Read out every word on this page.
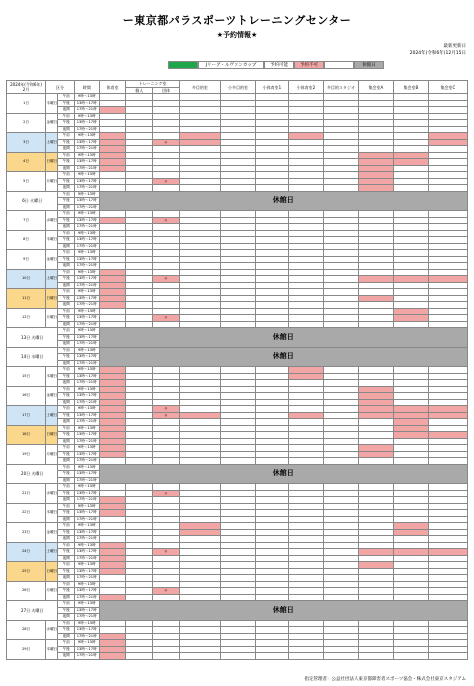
ー東京都パラスポーツトレーニングセンター
★予約情報★
最新更新日
2024年(令和6年)12月15日
Jリーグ・ルヴァンカップ	予約可能	予約不可	休館日
2024年(令和6年)
2月	区分		時間	体育室	トレーニング室		多目的室	小多目的室	小体育室1	小体育室2	多目的スタジオ	集会室A	集会室B	集会室C
					個人	団体								
1日	木曜日	午前	9時〜13時											
		午後	13時〜17時											
		夜間	17時〜21時											
2日	金曜日	午前	9時〜13時											
		午後	13時〜17時											
		夜間	17時〜21時											
3日	土曜日	午前	9時〜13時											
		午後	13時〜17時			◎								
		夜間	17時〜21時											
4日	日曜日	午前	9時〜13時											
		午後	13時〜17時											
		夜間	17時〜21時											
5日	月曜日	午前	9時〜13時											
		午後	13時〜17時			◎								
		夜間	17時〜21時											
6日 火曜日		午前	9時〜13時	休館日										
		午後	13時〜17時											
		夜間	17時〜21時											
7日	水曜日	午前	9時〜13時											
		午後	13時〜17時			◎								
		夜間	17時〜21時											
8日	木曜日	午前	9時〜13時											
		午後	13時〜17時											
		夜間	17時〜21時											
9日	金曜日	午前	9時〜13時											
		午後	13時〜17時											
		夜間	17時〜21時											
10日	土曜日	午前	9時〜13時											
		午後	13時〜17時			◎								
		夜間	17時〜21時											
11日	日曜日	午前	9時〜13時											
		午後	13時〜17時											
		夜間	17時〜21時											
12日	月曜日	午前	9時〜13時											
		午後	13時〜17時			◎								
		夜間	17時〜21時											
13日 火曜日		午前	9時〜13時	休館日										
		午後	13時〜17時											
		夜間	17時〜21時											
14日 水曜日		午前	9時〜13時	休館日										
		午後	13時〜17時											
		夜間	17時〜21時											
15日	木曜日	午前	9時〜13時											
		午後	13時〜17時											
		夜間	17時〜21時											
16日	金曜日	午前	9時〜13時											
		午後	13時〜17時											
		夜間	17時〜21時											
17日	土曜日	午前	9時〜13時			◎								
		午後	13時〜17時			◎								
		夜間	17時〜21時											
18日	日曜日	午前	9時〜13時											
		午後	13時〜17時											
		夜間	17時〜21時											
19日	月曜日	午前	9時〜13時											
		午後	13時〜17時											
		夜間	17時〜21時											
20日 火曜日		午前	9時〜13時	休館日										
		午後	13時〜17時											
		夜間	17時〜21時											
21日	水曜日	午前	9時〜13時											
		午後	13時〜17時			◎								
		夜間	17時〜21時											
22日	木曜日	午前	9時〜13時											
		午後	13時〜17時											
		夜間	17時〜21時											
23日	金曜日	午前	9時〜13時											
		午後	13時〜17時											
		夜間	17時〜21時											
24日	土曜日	午前	9時〜13時											
		午後	13時〜17時			◎								
		夜間	17時〜21時											
25日	日曜日	午前	9時〜13時											
		午後	13時〜17時											
		夜間	17時〜21時											
26日	月曜日	午前	9時〜13時											
		午後	13時〜17時			◎								
		夜間	17時〜21時											
27日 火曜日		午前	9時〜13時	休館日										
		午後	13時〜17時											
		夜間	17時〜21時											
28日	水曜日	午前	9時〜13時											
		午後	13時〜17時											
		夜間	17時〜21時											
29日	木曜日	午前	9時〜13時											
		午後	13時〜17時											
		夜間	17時〜21時											
指定管理者：公益社団法人東京都障害者スポーツ協会・株式会社東京スタジアム
